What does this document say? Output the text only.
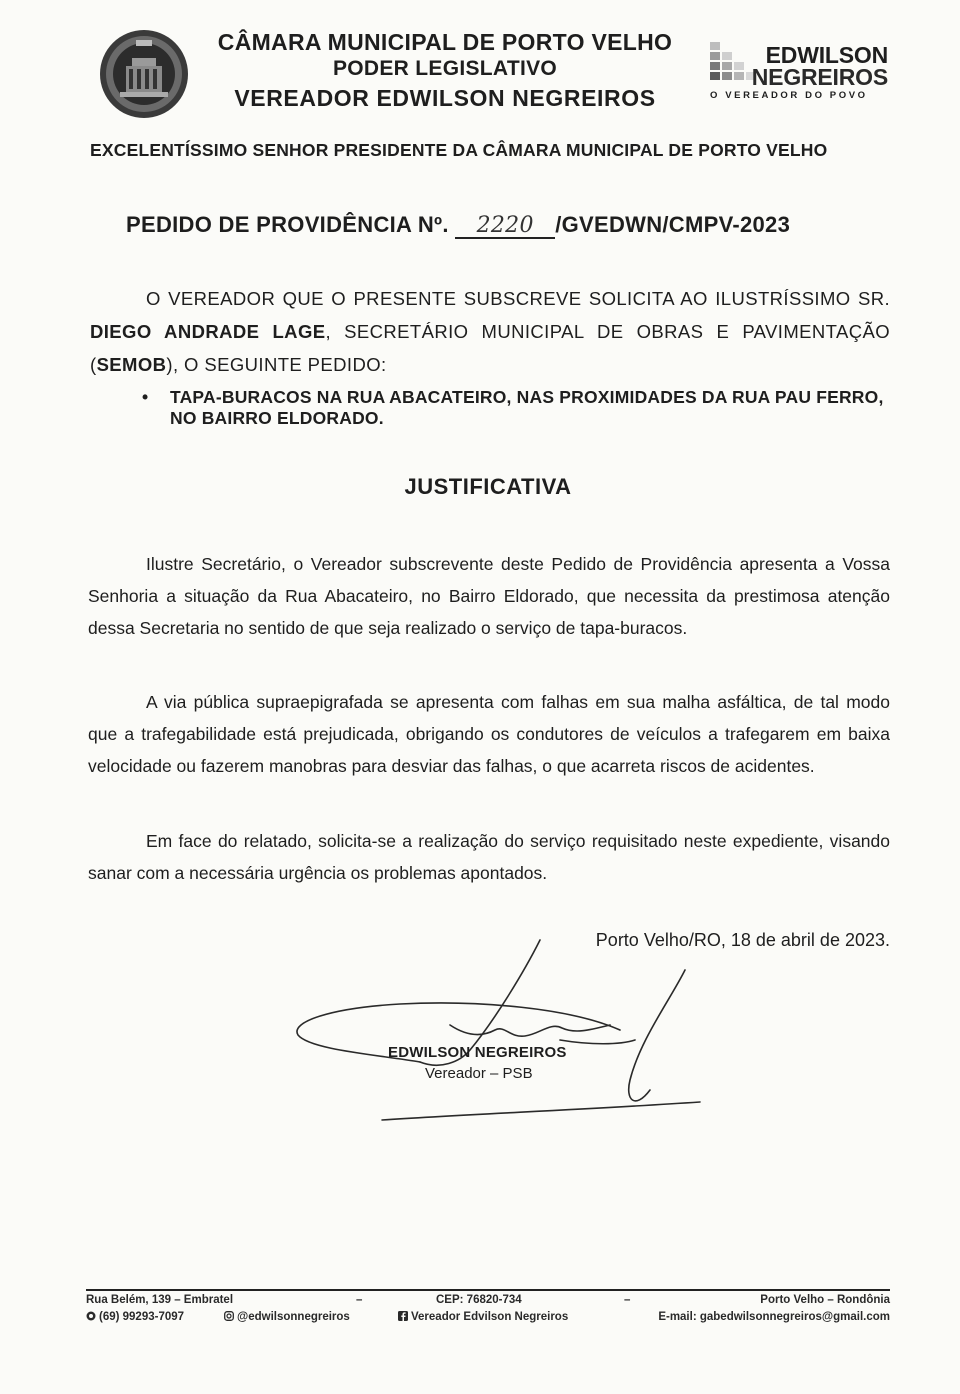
CÂMARA MUNICIPAL DE PORTO VELHO
PODER LEGISLATIVO
VEREADOR EDWILSON NEGREIROS
EDWILSON
NEGREIROS
O VEREADOR DO POVO
EXCELENTÍSSIMO SENHOR PRESIDENTE DA CÂMARA MUNICIPAL DE PORTO VELHO
PEDIDO DE PROVIDÊNCIA Nº. 2220 /GVEDWN/CMPV-2023
O VEREADOR QUE O PRESENTE SUBSCREVE SOLICITA AO ILUSTRÍSSIMO SR. DIEGO ANDRADE LAGE, SECRETÁRIO MUNICIPAL DE OBRAS E PAVIMENTAÇÃO (SEMOB), O SEGUINTE PEDIDO:
• TAPA-BURACOS NA RUA ABACATEIRO, NAS PROXIMIDADES DA RUA PAU FERRO, NO BAIRRO ELDORADO.
JUSTIFICATIVA
Ilustre Secretário, o Vereador subscrevente deste Pedido de Providência apresenta a Vossa Senhoria a situação da Rua Abacateiro, no Bairro Eldorado, que necessita da prestimosa atenção dessa Secretaria no sentido de que seja realizado o serviço de tapa-buracos.
A via pública supraepigrafada se apresenta com falhas em sua malha asfáltica, de tal modo que a trafegabilidade está prejudicada, obrigando os condutores de veículos a trafegarem em baixa velocidade ou fazerem manobras para desviar das falhas, o que acarreta riscos de acidentes.
Em face do relatado, solicita-se a realização do serviço requisitado neste expediente, visando sanar com a necessária urgência os problemas apontados.
Porto Velho/RO, 18 de abril de 2023.
EDWILSON NEGREIROS
Vereador – PSB
Rua Belém, 139 – Embratel	–	CEP: 76820-734	–	Porto Velho – Rondônia
(69) 99293-7097	@edwilsonnegreiros	Vereador Edvilson Negreiros	E-mail: gabedwilsonnegreiros@gmail.com
